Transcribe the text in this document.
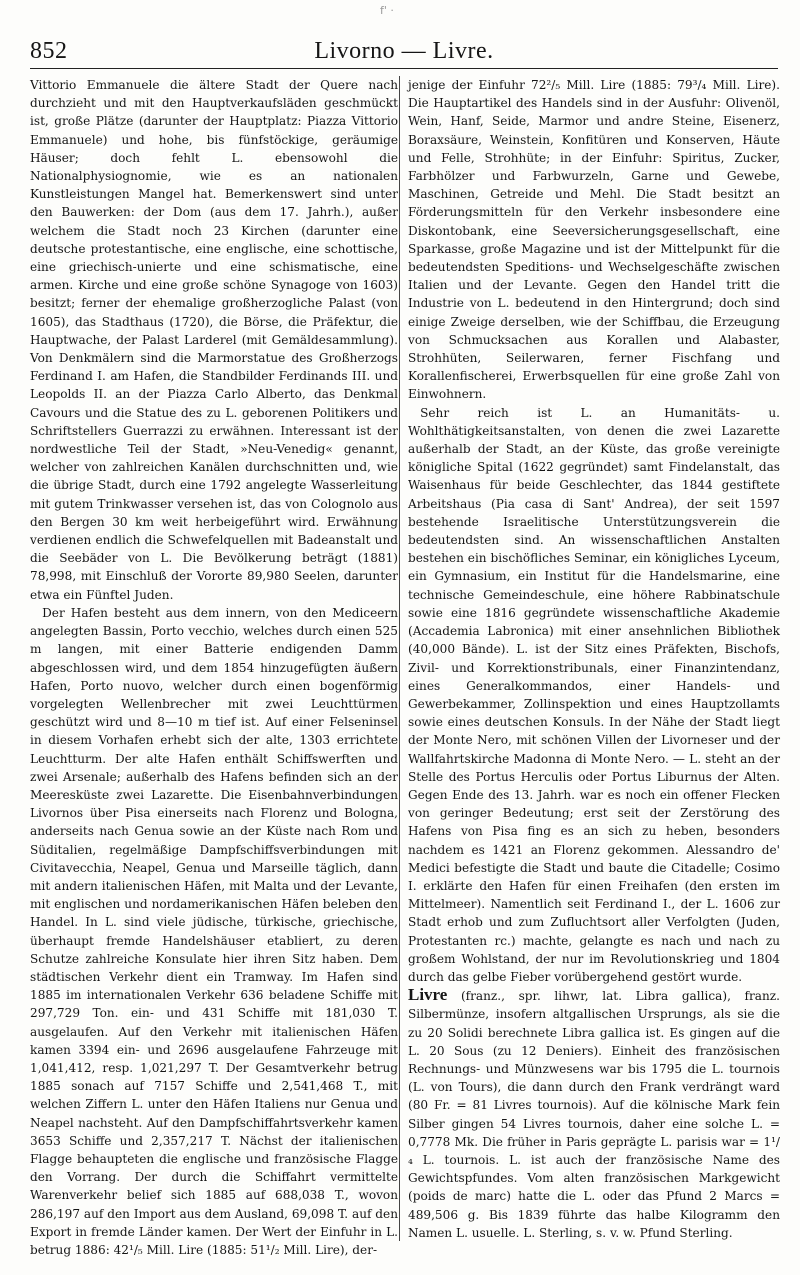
f' ·
852	Livorno — Livre.

Vittorio Emmanuele die ältere Stadt der Quere nach durchzieht und mit den Hauptverkaufsläden geschmückt ist, große Plätze (darunter der Hauptplatz: Piazza Vittorio Emmanuele) und hohe, bis fünfstöckige, geräumige Häuser; doch fehlt L. ebensowohl die Nationalphysiognomie, wie es an nationalen Kunstleistungen Mangel hat. Bemerkenswert sind unter den Bauwerken: der Dom (aus dem 17. Jahrh.), außer welchem die Stadt noch 23 Kirchen (darunter eine deutsche protestantische, eine englische, eine schottische, eine griechisch-unierte und eine schismatische, eine armen. Kirche und eine große schöne Synagoge von 1603) besitzt; ferner der ehemalige großherzogliche Palast (von 1605), das Stadthaus (1720), die Börse, die Präfektur, die Hauptwache, der Palast Larderel (mit Gemäldesammlung). Von Denkmälern sind die Marmorstatue des Großherzogs Ferdinand I. am Hafen, die Standbilder Ferdinands III. und Leopolds II. an der Piazza Carlo Alberto, das Denkmal Cavours und die Statue des zu L. geborenen Politikers und Schriftstellers Guerrazzi zu erwähnen. Interessant ist der nordwestliche Teil der Stadt, »Neu-Venedig« genannt, welcher von zahlreichen Kanälen durchschnitten und, wie die übrige Stadt, durch eine 1792 angelegte Wasserleitung mit gutem Trinkwasser versehen ist, das von Colognolo aus den Bergen 30 km weit herbeigeführt wird. Erwähnung verdienen endlich die Schwefelquellen mit Badeanstalt und die Seebäder von L. Die Bevölkerung beträgt (1881) 78,998, mit Einschluß der Vororte 89,980 Seelen, darunter etwa ein Fünftel Juden.

Der Hafen besteht aus dem innern, von den Mediceern angelegten Bassin, Porto vecchio, welches durch einen 525 m langen, mit einer Batterie endigenden Damm abgeschlossen wird, und dem 1854 hinzugefügten äußern Hafen, Porto nuovo, welcher durch einen bogenförmig vorgelegten Wellenbrecher mit zwei Leuchttürmen geschützt wird und 8—10 m tief ist. Auf einer Felseninsel in diesem Vorhafen erhebt sich der alte, 1303 errichtete Leuchtturm. Der alte Hafen enthält Schiffswerften und zwei Arsenale; außerhalb des Hafens befinden sich an der Meeresküste zwei Lazarette. Die Eisenbahnverbindungen Livornos über Pisa einerseits nach Florenz und Bologna, anderseits nach Genua sowie an der Küste nach Rom und Süditalien, regelmäßige Dampfschiffsverbindungen mit Civitavecchia, Neapel, Genua und Marseille täglich, dann mit andern italienischen Häfen, mit Malta und der Levante, mit englischen und nordamerikanischen Häfen beleben den Handel. In L. sind viele jüdische, türkische, griechische, überhaupt fremde Handelshäuser etabliert, zu deren Schutze zahlreiche Konsulate hier ihren Sitz haben. Dem städtischen Verkehr dient ein Tramway. Im Hafen sind 1885 im internationalen Verkehr 636 beladene Schiffe mit 297,729 Ton. ein- und 431 Schiffe mit 181,030 T. ausgelaufen. Auf den Verkehr mit italienischen Häfen kamen 3394 ein- und 2696 ausgelaufene Fahrzeuge mit 1,041,412, resp. 1,021,297 T. Der Gesamtverkehr betrug 1885 sonach auf 7157 Schiffe und 2,541,468 T., mit welchen Ziffern L. unter den Häfen Italiens nur Genua und Neapel nachsteht. Auf den Dampfschiffahrtsverkehr kamen 3653 Schiffe und 2,357,217 T. Nächst der italienischen Flagge behaupteten die englische und französische Flagge den Vorrang. Der durch die Schiffahrt vermittelte Warenverkehr belief sich 1885 auf 688,038 T., wovon 286,197 auf den Import aus dem Ausland, 69,098 T. auf den Export in fremde Länder kamen. Der Wert der Einfuhr in L. betrug 1886: 42¹/₅ Mill. Lire (1885: 51¹/₂ Mill. Lire), der-

jenige der Einfuhr 72²/₅ Mill. Lire (1885: 79³/₄ Mill. Lire). Die Hauptartikel des Handels sind in der Ausfuhr: Olivenöl, Wein, Hanf, Seide, Marmor und andre Steine, Eisenerz, Boraxsäure, Weinstein, Konfitüren und Konserven, Häute und Felle, Strohhüte; in der Einfuhr: Spiritus, Zucker, Farbhölzer und Farbwurzeln, Garne und Gewebe, Maschinen, Getreide und Mehl. Die Stadt besitzt an Förderungsmitteln für den Verkehr insbesondere eine Diskontobank, eine Seeversicherungsgesellschaft, eine Sparkasse, große Magazine und ist der Mittelpunkt für die bedeutendsten Speditions- und Wechselgeschäfte zwischen Italien und der Levante. Gegen den Handel tritt die Industrie von L. bedeutend in den Hintergrund; doch sind einige Zweige derselben, wie der Schiffbau, die Erzeugung von Schmucksachen aus Korallen und Alabaster, Strohhüten, Seilerwaren, ferner Fischfang und Korallenfischerei, Erwerbsquellen für eine große Zahl von Einwohnern.

Sehr reich ist L. an Humanitäts- u. Wohlthätigkeitsanstalten, von denen die zwei Lazarette außerhalb der Stadt, an der Küste, das große vereinigte königliche Spital (1622 gegründet) samt Findelanstalt, das Waisenhaus für beide Geschlechter, das 1844 gestiftete Arbeitshaus (Pia casa di Sant' Andrea), der seit 1597 bestehende Israelitische Unterstützungsverein die bedeutendsten sind. An wissenschaftlichen Anstalten bestehen ein bischöfliches Seminar, ein königliches Lyceum, ein Gymnasium, ein Institut für die Handelsmarine, eine technische Gemeindeschule, eine höhere Rabbinatschule sowie eine 1816 gegründete wissenschaftliche Akademie (Accademia Labronica) mit einer ansehnlichen Bibliothek (40,000 Bände). L. ist der Sitz eines Präfekten, Bischofs, Zivil- und Korrektionstribunals, einer Finanzintendanz, eines Generalkommandos, einer Handels- und Gewerbekammer, Zollinspektion und eines Hauptzollamts sowie eines deutschen Konsuls. In der Nähe der Stadt liegt der Monte Nero, mit schönen Villen der Livorneser und der Wallfahrtskirche Madonna di Monte Nero. — L. steht an der Stelle des Portus Herculis oder Portus Liburnus der Alten. Gegen Ende des 13. Jahrh. war es noch ein offener Flecken von geringer Bedeutung; erst seit der Zerstörung des Hafens von Pisa fing es an sich zu heben, besonders nachdem es 1421 an Florenz gekommen. Alessandro de' Medici befestigte die Stadt und baute die Citadelle; Cosimo I. erklärte den Hafen für einen Freihafen (den ersten im Mittelmeer). Namentlich seit Ferdinand I., der L. 1606 zur Stadt erhob und zum Zufluchtsort aller Verfolgten (Juden, Protestanten rc.) machte, gelangte es nach und nach zu großem Wohlstand, der nur im Revolutionskrieg und 1804 durch das gelbe Fieber vorübergehend gestört wurde.

Livre (franz., spr. lihwr, lat. Libra gallica), franz. Silbermünze, insofern altgallischen Ursprungs, als sie die zu 20 Solidi berechnete Libra gallica ist. Es gingen auf die L. 20 Sous (zu 12 Deniers). Einheit des französischen Rechnungs- und Münzwesens war bis 1795 die L. tournois (L. von Tours), die dann durch den Frank verdrängt ward (80 Fr. = 81 Livres tournois). Auf die kölnische Mark fein Silber gingen 54 Livres tournois, daher eine solche L. = 0,7778 Mk. Die früher in Paris geprägte L. parisis war = 1¹/₄ L. tournois. L. ist auch der französische Name des Gewichtspfundes. Vom alten französischen Markgewicht (poids de marc) hatte die L. oder das Pfund 2 Marcs = 489,506 g. Bis 1839 führte das halbe Kilogramm den Namen L. usuelle. L. Sterling, s. v. w. Pfund Sterling.
